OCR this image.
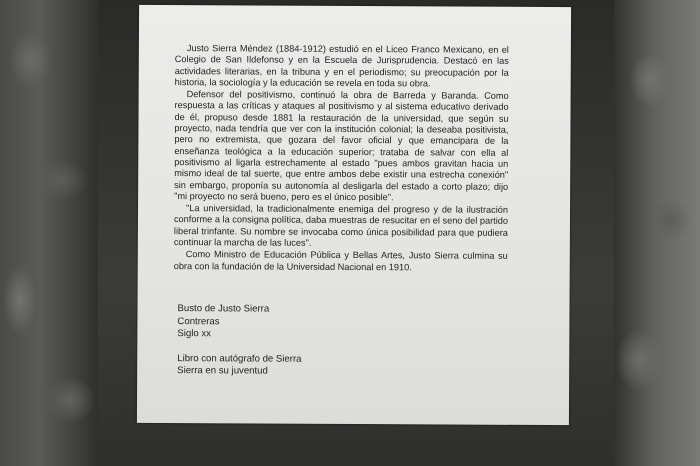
Justo Sierra Méndez (1884-1912) estudió en el Liceo Franco Mexicano, en el Colegio de San Ildefonso y en la Escuela de Jurisprudencia. Destacó en las actividades literarias, en la tribuna y en el periodismo; su preocupación por la historia, la sociología y la educación se revela en toda su obra.

Defensor del positivismo, continuó la obra de Barreda y Baranda. Como respuesta a las críticas y ataques al positivismo y al sistema educativo derivado de él, propuso desde 1881 la restauración de la universidad, que según su proyecto, nada tendría que ver con la institución colonial; la deseaba positivista, pero no extremista, que gozara del favor oficial y que emancipara de la enseñanza teológica a la educación superior; trataba de salvar con ella al positivismo al ligarla estrechamente al estado "pues ambos gravitan hacia un mismo ideal de tal suerte, que entre ambos debe existir una estrecha conexión" sin embargo, proponía su autonomía al desligarla del estado a corto plazo; dijo "mi proyecto no será bueno, pero es el único posible".

"La universidad, la tradicionalmente enemiga del progreso y de la ilustración conforme a la consigna política, daba muestras de resucitar en el seno del partido liberal trinfante. Su nombre se invocaba como única posibilidad para que pudiera continuar la marcha de las luces".

Como Ministro de Educación Pública y Bellas Artes, Justo Sierra culmina su obra con la fundación de la Universidad Nacional en 1910.

Busto de Justo Sierra
Contreras
Siglo xx
Libro con autógrafo de Sierra
Sierra en su juventud
